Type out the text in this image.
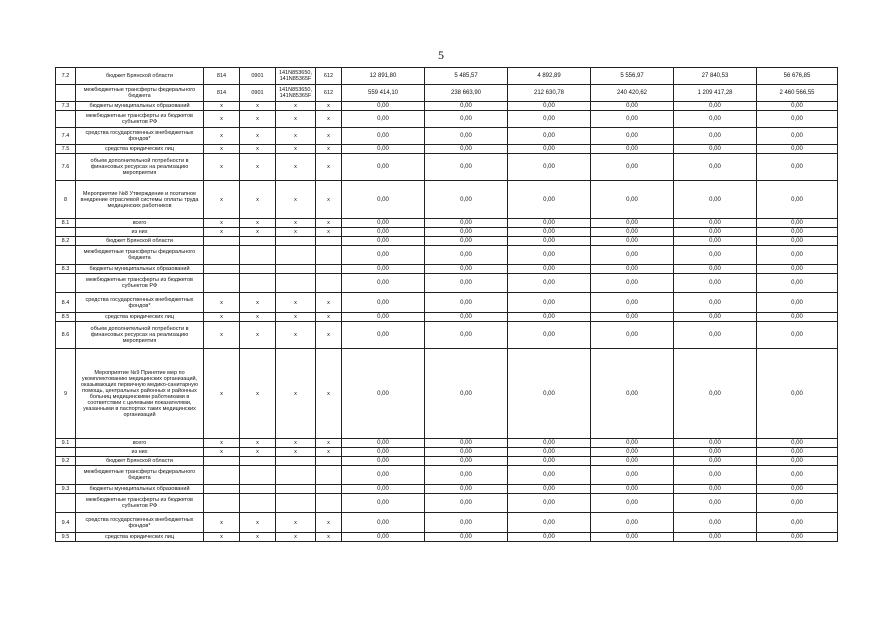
5
7.2	бюджет Брянской области	814	0901	141N853650, 141N85365F	612	12 891,80	5 485,57	4 892,89	5 556,97	27 840,53	56 676,85
	межбюджетные трансферты федерального бюджета	814	0901	141N853650, 141N85365F	612	559 414,10	238 663,90	212 630,78	240 420,62	1 209 417,28	2 460 566,55
7.3	бюджеты муниципальных образований	x	x	x	x	0,00	0,00	0,00	0,00	0,00	0,00
	межбюджетные трансферты из бюджетов субъектов РФ	x	x	x	x	0,00	0,00	0,00	0,00	0,00	0,00
7.4	средства государственных внебюджетных фондов*	x	x	x	x	0,00	0,00	0,00	0,00	0,00	0,00
7.5	средства юридических лиц	x	x	x	x	0,00	0,00	0,00	0,00	0,00	0,00
7.6	объем дополнительной потребности в финансовых ресурсах на реализацию мероприятия	x	x	x	x	0,00	0,00	0,00	0,00	0,00	0,00
8	Мероприятие №8 Утверждение и поэтапное внедрение отраслевой системы оплаты труда медицинских работников	x	x	x	x	0,00	0,00	0,00	0,00	0,00	0,00
8.1	всего	x	x	x	x	0,00	0,00	0,00	0,00	0,00	0,00
	из них	x	x	x	x	0,00	0,00	0,00	0,00	0,00	0,00
8.2	бюджет Брянской области					0,00	0,00	0,00	0,00	0,00	0,00
	межбюджетные трансферты федерального бюджета					0,00	0,00	0,00	0,00	0,00	0,00
8.3	бюджеты муниципальных образований					0,00	0,00	0,00	0,00	0,00	0,00
	межбюджетные трансферты из бюджетов субъектов РФ					0,00	0,00	0,00	0,00	0,00	0,00
8.4	средства государственных внебюджетных фондов*	x	x	x	x	0,00	0,00	0,00	0,00	0,00	0,00
8.5	средства юридических лиц	x	x	x	x	0,00	0,00	0,00	0,00	0,00	0,00
8.6	объем дополнительной потребности в финансовых ресурсах на реализацию мероприятия	x	x	x	x	0,00	0,00	0,00	0,00	0,00	0,00
9	Мероприятие №9 Принятие мер по укомплектованию медицинских организаций, оказывающих первичную медико-санитарную помощь, центральных районных и районных больниц медицинскими работниками в соответствии с целевыми показателями, указанными в паспортах таких медицинских организаций	x	x	x	x	0,00	0,00	0,00	0,00	0,00	0,00
9.1	всего	x	x	x	x	0,00	0,00	0,00	0,00	0,00	0,00
	из них	x	x	x	x	0,00	0,00	0,00	0,00	0,00	0,00
9.2	бюджет Брянской области					0,00	0,00	0,00	0,00	0,00	0,00
	межбюджетные трансферты федерального бюджета					0,00	0,00	0,00	0,00	0,00	0,00
9.3	бюджеты муниципальных образований					0,00	0,00	0,00	0,00	0,00	0,00
	межбюджетные трансферты из бюджетов субъектов РФ					0,00	0,00	0,00	0,00	0,00	0,00
9.4	средства государственных внебюджетных фондов*	x	x	x	x	0,00	0,00	0,00	0,00	0,00	0,00
9.5	средства юридических лиц	x	x	x	x	0,00	0,00	0,00	0,00	0,00	0,00
